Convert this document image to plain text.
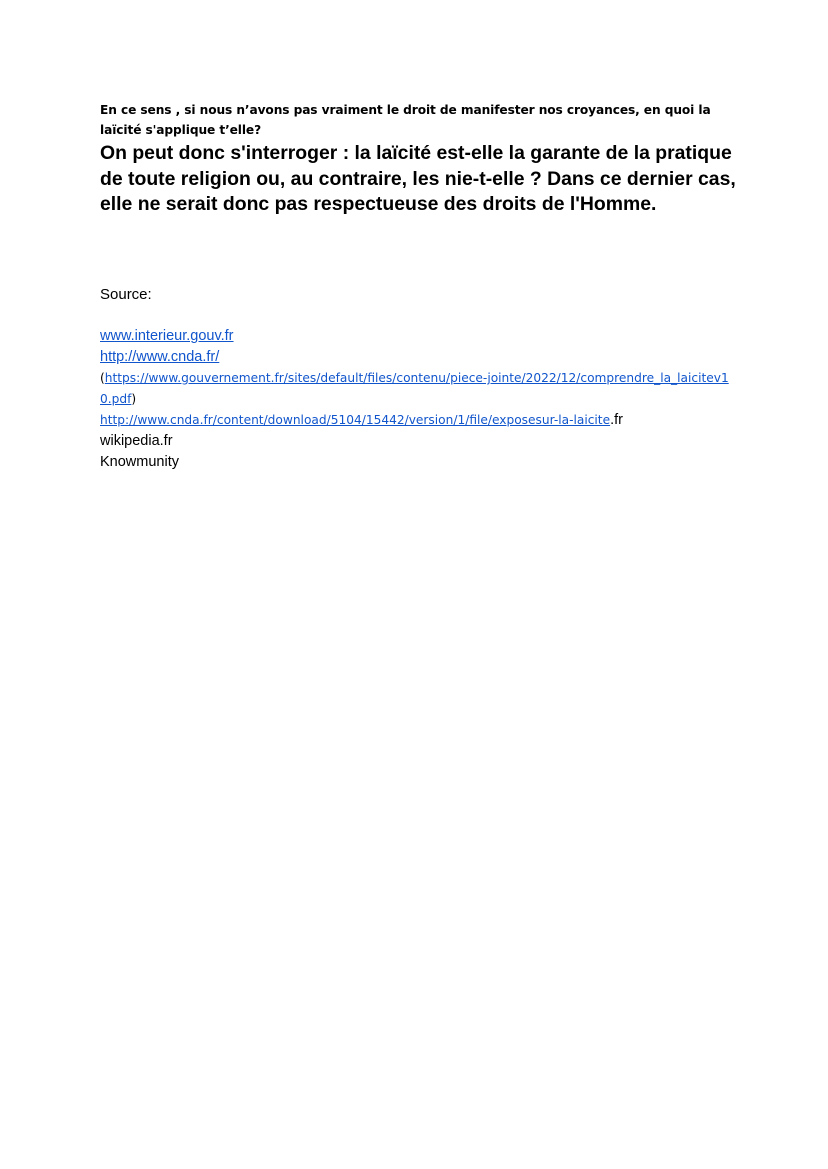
En ce sens , si nous n’avons pas vraiment le droit de manifester nos croyances, en quoi la laïcité s'applique t’elle?

On peut donc s'interroger : la laïcité est-elle la garante de la pratique de toute religion ou, au contraire, les nie-t-elle ? Dans ce dernier cas, elle ne serait donc pas respectueuse des droits de l'Homme.

Source:

www.interieur.gouv.fr
http://www.cnda.fr/
(https://www.gouvernement.fr/sites/default/files/contenu/piece-jointe/2022/12/comprendre_la_laicitev10.pdf)
http://www.cnda.fr/content/download/5104/15442/version/1/file/exposesur-la-laicite.fr
wikipedia.fr
Knowmunity
